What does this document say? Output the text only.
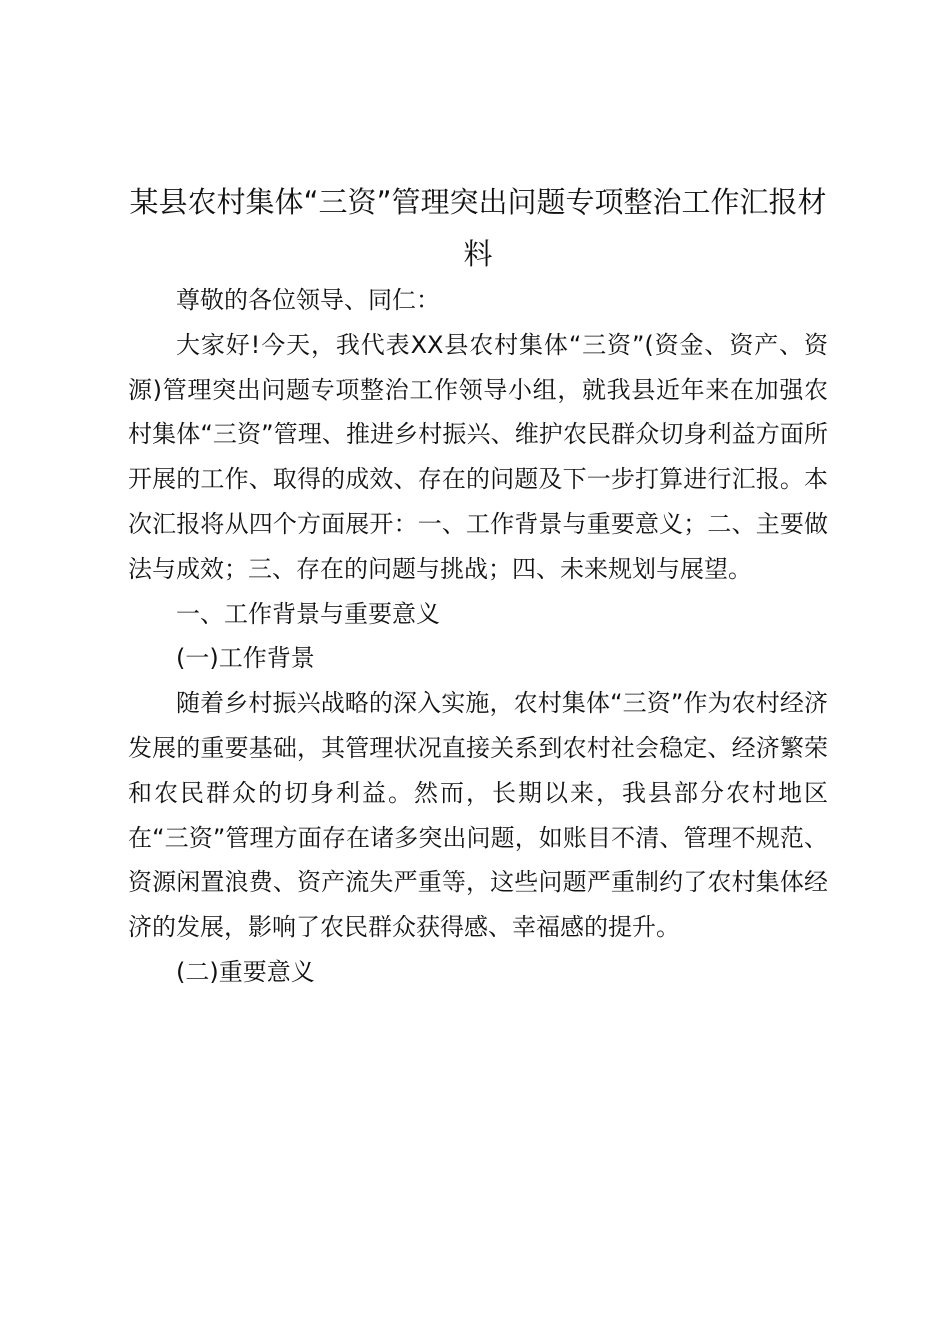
某县农村集体“三资”管理突出问题专项整治工作汇报材料

尊敬的各位领导、同仁：

大家好!今天，我代表XX县农村集体“三资”(资金、资产、资源)管理突出问题专项整治工作领导小组，就我县近年来在加强农村集体“三资”管理、推进乡村振兴、维护农民群众切身利益方面所开展的工作、取得的成效、存在的问题及下一步打算进行汇报。本次汇报将从四个方面展开：一、工作背景与重要意义；二、主要做法与成效；三、存在的问题与挑战；四、未来规划与展望。

一、工作背景与重要意义

(一)工作背景

随着乡村振兴战略的深入实施，农村集体“三资”作为农村经济发展的重要基础，其管理状况直接关系到农村社会稳定、经济繁荣和农民群众的切身利益。然而，长期以来，我县部分农村地区在“三资”管理方面存在诸多突出问题，如账目不清、管理不规范、资源闲置浪费、资产流失严重等，这些问题严重制约了农村集体经济的发展，影响了农民群众获得感、幸福感的提升。

(二)重要意义
